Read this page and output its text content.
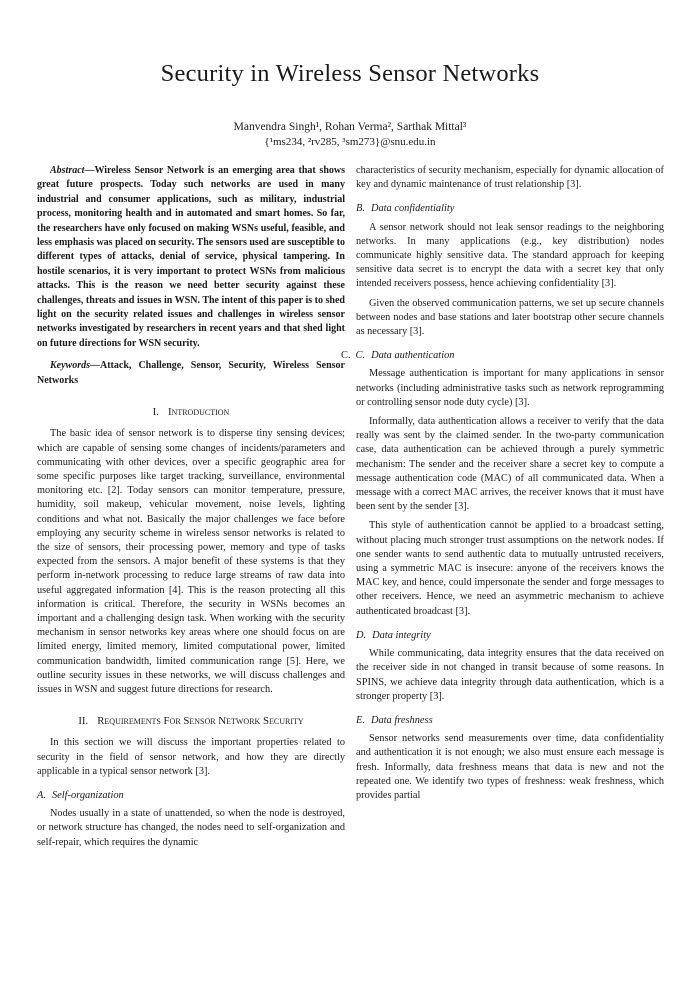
Security in Wireless Sensor Networks
Manvendra Singh¹, Rohan Verma², Sarthak Mittal³
{¹ms234, ²rv285, ³sm273}@snu.edu.in

Abstract—Wireless Sensor Network is an emerging area that shows great future prospects. Today such networks are used in many industrial and consumer applications, such as military, industrial process, monitoring health and in automated and smart homes. So far, the researchers have only focused on making WSNs useful, feasible, and less emphasis was placed on security. The sensors used are susceptible to different types of attacks, denial of service, physical tampering. In hostile scenarios, it is very important to protect WSNs from malicious attacks. This is the reason we need better security against these challenges, threats and issues in WSN. The intent of this paper is to shed light on the security related issues and challenges in wireless sensor networks investigated by researchers in recent years and that shed light on future directions for WSN security.

Keywords—Attack, Challenge, Sensor, Security, Wireless Sensor Networks

I. Introduction

The basic idea of sensor network is to disperse tiny sensing devices; which are capable of sensing some changes of incidents/parameters and communicating with other devices, over a specific geographic area for some specific purposes like target tracking, surveillance, environmental monitoring etc. [2]. Today sensors can monitor temperature, pressure, humidity, soil makeup, vehicular movement, noise levels, lighting conditions and what not. Basically the major challenges we face before employing any security scheme in wireless sensor networks is related to the size of sensors, their processing power, memory and type of tasks expected from the sensors. A major benefit of these systems is that they perform in-network processing to reduce large streams of raw data into useful aggregated information [4]. This is the reason protecting all this information is critical. Therefore, the security in WSNs becomes an important and a challenging design task. When working with the security mechanism in sensor networks key areas where one should focus on are limited energy, limited memory, limited computational power, limited communication bandwidth, limited communication range [5]. Here, we outline security issues in these networks, we will discuss challenges and issues in WSN and suggest future directions for research.

II. Requirements For Sensor Network Security

In this section we will discuss the important properties related to security in the field of sensor network, and how they are directly applicable in a typical sensor network [3].

A. Self-organization

Nodes usually in a state of unattended, so when the node is destroyed, or network structure has changed, the nodes need to self-organization and self-repair, which requires the dynamic

characteristics of security mechanism, especially for dynamic allocation of key and dynamic maintenance of trust relationship [3].

B. Data confidentiality

A sensor network should not leak sensor readings to the neighboring networks. In many applications (e.g., key distribution) nodes communicate highly sensitive data. The standard approach for keeping sensitive data secret is to encrypt the data with a secret key that only intended receivers possess, hence achieving confidentiality [3].

Given the observed communication patterns, we set up secure channels between nodes and base stations and later bootstrap other secure channels as necessary [3].

C. C. Data authentication

Message authentication is important for many applications in sensor networks (including administrative tasks such as network reprogramming or controlling sensor node duty cycle) [3].

Informally, data authentication allows a receiver to verify that the data really was sent by the claimed sender. In the two-party communication case, data authentication can be achieved through a purely symmetric mechanism: The sender and the receiver share a secret key to compute a message authentication code (MAC) of all communicated data. When a message with a correct MAC arrives, the receiver knows that it must have been sent by the sender [3].

This style of authentication cannot be applied to a broadcast setting, without placing much stronger trust assumptions on the network nodes. If one sender wants to send authentic data to mutually untrusted receivers, using a symmetric MAC is insecure: anyone of the receivers knows the MAC key, and hence, could impersonate the sender and forge messages to other receivers. Hence, we need an asymmetric mechanism to achieve authenticated broadcast [3].

D. Data integrity

While communicating, data integrity ensures that the data received on the receiver side in not changed in transit because of some reasons. In SPINS, we achieve data integrity through data authentication, which is a stronger property [3].

E. Data freshness

Sensor networks send measurements over time, data confidentiality and authentication it is not enough; we also must ensure each message is fresh. Informally, data freshness means that data is new and not the repeated one. We identify two types of freshness: weak freshness, which provides partial
